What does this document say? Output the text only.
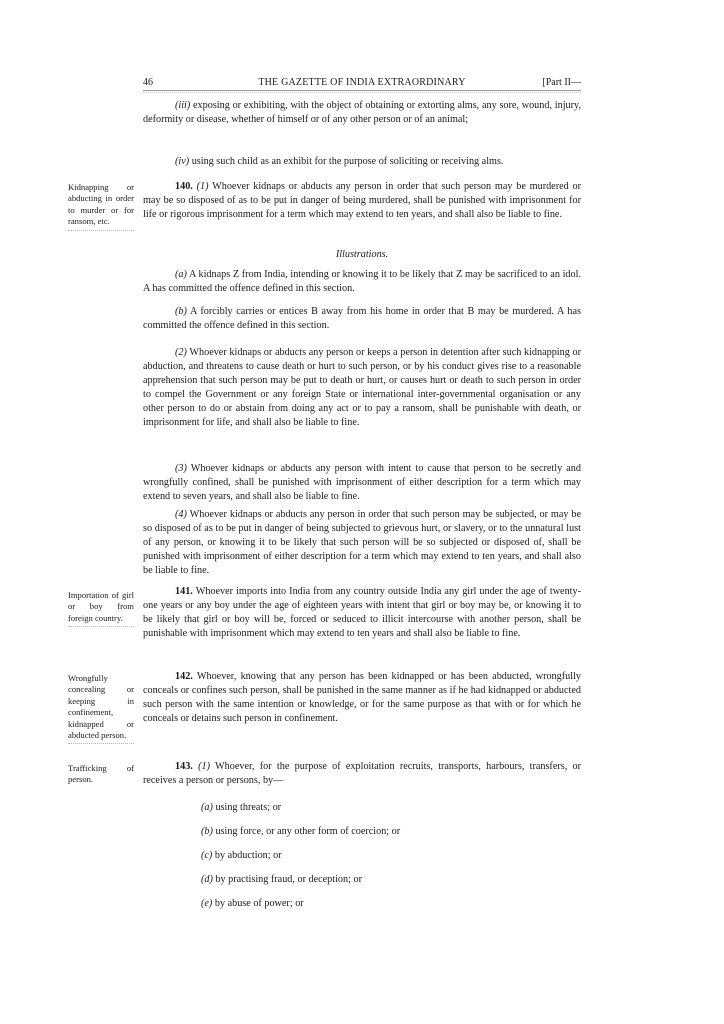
46	THE GAZETTE OF INDIA EXTRAORDINARY	[Part II—

(iii) exposing or exhibiting, with the object of obtaining or extorting alms, any sore, wound, injury, deformity or disease, whether of himself or of any other person or of an animal;

(iv) using such child as an exhibit for the purpose of soliciting or receiving alms.

140. (1) Whoever kidnaps or abducts any person in order that such person may be murdered or may be so disposed of as to be put in danger of being murdered, shall be punished with imprisonment for life or rigorous imprisonment for a term which may extend to ten years, and shall also be liable to fine.

Illustrations.

(a) A kidnaps Z from India, intending or knowing it to be likely that Z may be sacrificed to an idol. A has committed the offence defined in this section.

(b) A forcibly carries or entices B away from his home in order that B may be murdered. A has committed the offence defined in this section.

(2) Whoever kidnaps or abducts any person or keeps a person in detention after such kidnapping or abduction, and threatens to cause death or hurt to such person, or by his conduct gives rise to a reasonable apprehension that such person may be put to death or hurt, or causes hurt or death to such person in order to compel the Government or any foreign State or international inter-governmental organisation or any other person to do or abstain from doing any act or to pay a ransom, shall be punishable with death, or imprisonment for life, and shall also be liable to fine.

(3) Whoever kidnaps or abducts any person with intent to cause that person to be secretly and wrongfully confined, shall be punished with imprisonment of either description for a term which may extend to seven years, and shall also be liable to fine.

(4) Whoever kidnaps or abducts any person in order that such person may be subjected, or may be so disposed of as to be put in danger of being subjected to grievous hurt, or slavery, or to the unnatural lust of any person, or knowing it to be likely that such person will be so subjected or disposed of, shall be punished with imprisonment of either description for a term which may extend to ten years, and shall also be liable to fine.

141. Whoever imports into India from any country outside India any girl under the age of twenty-one years or any boy under the age of eighteen years with intent that girl or boy may be, or knowing it to be likely that girl or boy will be, forced or seduced to illicit intercourse with another person, shall be punishable with imprisonment which may extend to ten years and shall also be liable to fine.

142. Whoever, knowing that any person has been kidnapped or has been abducted, wrongfully conceals or confines such person, shall be punished in the same manner as if he had kidnapped or abducted such person with the same intention or knowledge, or for the same purpose as that with or for which he conceals or detains such person in confinement.

143. (1) Whoever, for the purpose of exploitation recruits, transports, harbours, transfers, or receives a person or persons, by—

(a) using threats; or

(b) using force, or any other form of coercion; or

(c) by abduction; or

(d) by practising fraud, or deception; or

(e) by abuse of power; or

Kidnapping or abducting in order to murder or for ransom, etc.

Importation of girl or boy from foreign country.

Wrongfully concealing or keeping in confinement, kidnapped or abducted person.

Trafficking of person.
